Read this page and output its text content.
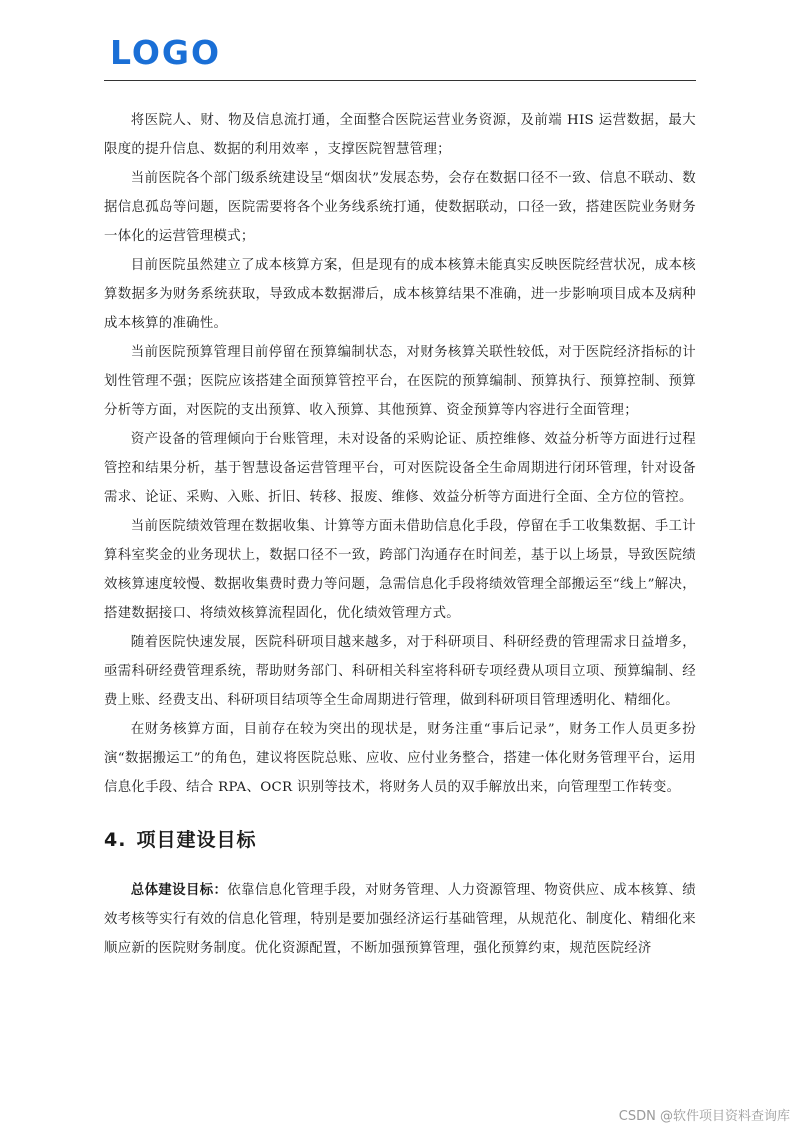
LOGO

将医院人、财、物及信息流打通，全面整合医院运营业务资源，及前端 HIS 运营数据，最大限度的提升信息、数据的利用效率 ，支撑医院智慧管理；

当前医院各个部门级系统建设呈“烟囱状”发展态势，会存在数据口径不一致、信息不联动、数据信息孤岛等问题，医院需要将各个业务线系统打通，使数据联动，口径一致，搭建医院业务财务一体化的运营管理模式；

目前医院虽然建立了成本核算方案，但是现有的成本核算未能真实反映医院经营状况，成本核算数据多为财务系统获取，导致成本数据滞后，成本核算结果不准确，进一步影响项目成本及病种成本核算的准确性。

当前医院预算管理目前停留在预算编制状态，对财务核算关联性较低，对于医院经济指标的计划性管理不强；医院应该搭建全面预算管控平台，在医院的预算编制、预算执行、预算控制、预算分析等方面，对医院的支出预算、收入预算、其他预算、资金预算等内容进行全面管理；

资产设备的管理倾向于台账管理，未对设备的采购论证、质控维修、效益分析等方面进行过程管控和结果分析，基于智慧设备运营管理平台，可对医院设备全生命周期进行闭环管理，针对设备需求、论证、采购、入账、折旧、转移、报废、维修、效益分析等方面进行全面、全方位的管控。

当前医院绩效管理在数据收集、计算等方面未借助信息化手段，停留在手工收集数据、手工计算科室奖金的业务现状上，数据口径不一致，跨部门沟通存在时间差，基于以上场景，导致医院绩效核算速度较慢、数据收集费时费力等问题，急需信息化手段将绩效管理全部搬运至“线上”解决，搭建数据接口、将绩效核算流程固化，优化绩效管理方式。

随着医院快速发展，医院科研项目越来越多，对于科研项目、科研经费的管理需求日益增多，亟需科研经费管理系统，帮助财务部门、科研相关科室将科研专项经费从项目立项、预算编制、经费上账、经费支出、科研项目结项等全生命周期进行管理，做到科研项目管理透明化、精细化。

在财务核算方面，目前存在较为突出的现状是，财务注重“事后记录”，财务工作人员更多扮演“数据搬运工”的角色，建议将医院总账、应收、应付业务整合，搭建一体化财务管理平台，运用信息化手段、结合 RPA、OCR 识别等技术，将财务人员的双手解放出来，向管理型工作转变。

4. 项目建设目标

总体建设目标：依靠信息化管理手段，对财务管理、人力资源管理、物资供应、成本核算、绩效考核等实行有效的信息化管理，特别是要加强经济运行基础管理，从规范化、制度化、精细化来顺应新的医院财务制度。优化资源配置，不断加强预算管理，强化预算约束，规范医院经济

CSDN @软件项目资料查询库
